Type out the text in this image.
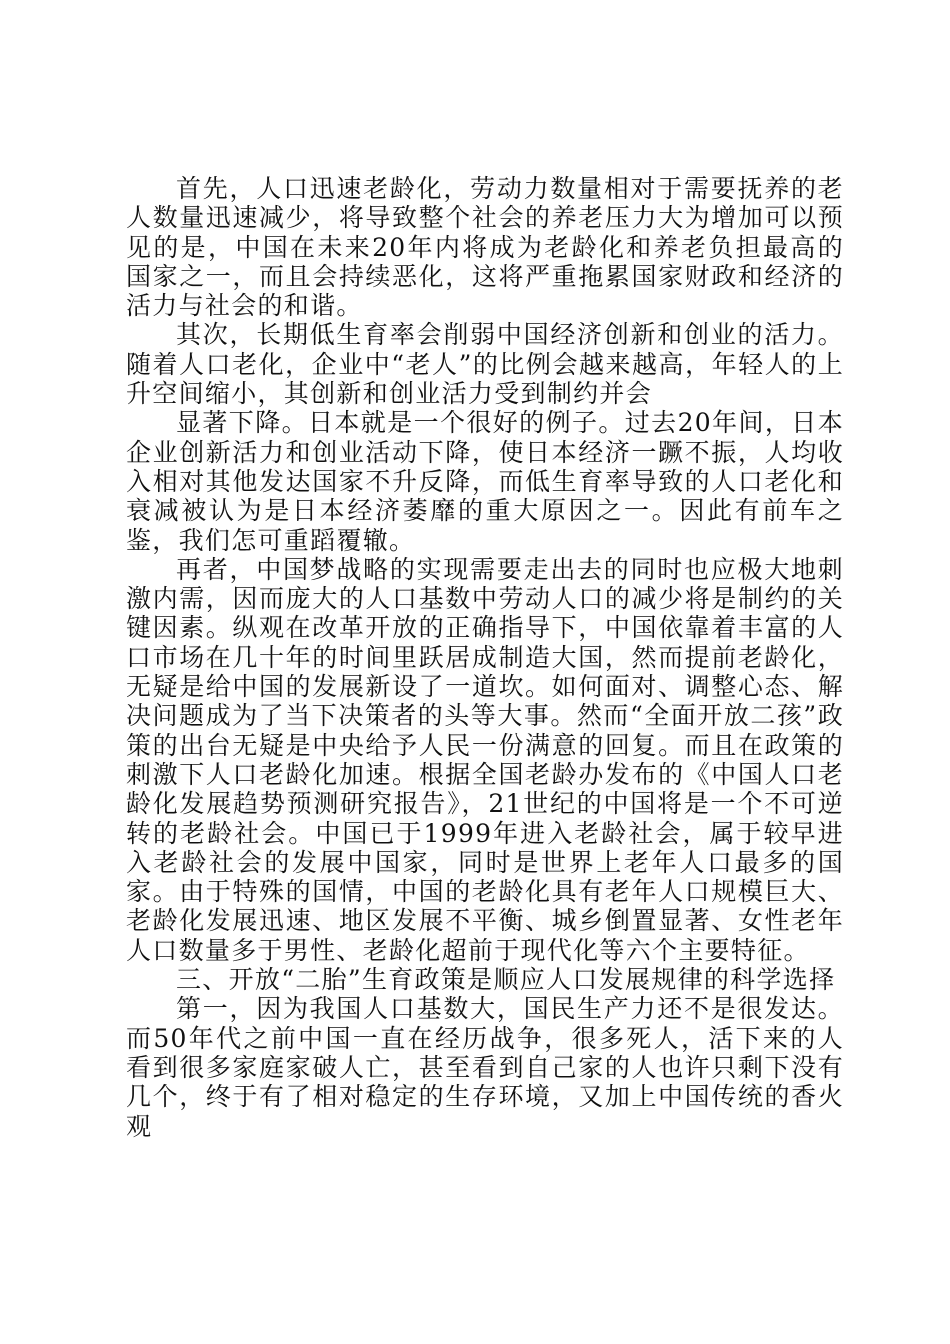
首先，人口迅速老龄化，劳动力数量相对于需要抚养的老人数量迅速减少，将导致整个社会的养老压力大为增加可以预见的是，中国在未来20年内将成为老龄化和养老负担最高的国家之一，而且会持续恶化，这将严重拖累国家财政和经济的活力与社会的和谐。

其次，长期低生育率会削弱中国经济创新和创业的活力。随着人口老化，企业中“老人”的比例会越来越高，年轻人的上升空间缩小，其创新和创业活力受到制约并会

显著下降。日本就是一个很好的例子。过去20年间，日本企业创新活力和创业活动下降，使日本经济一蹶不振，人均收入相对其他发达国家不升反降，而低生育率导致的人口老化和衰减被认为是日本经济萎靡的重大原因之一。因此有前车之鉴，我们怎可重蹈覆辙。

再者，中国梦战略的实现需要走出去的同时也应极大地刺激内需，因而庞大的人口基数中劳动人口的减少将是制约的关键因素。纵观在改革开放的正确指导下，中国依靠着丰富的人口市场在几十年的时间里跃居成制造大国，然而提前老龄化，无疑是给中国的发展新设了一道坎。如何面对、调整心态、解决问题成为了当下决策者的头等大事。然而“全面开放二孩”政策的出台无疑是中央给予人民一份满意的回复。而且在政策的刺激下人口老龄化加速。根据全国老龄办发布的《中国人口老龄化发展趋势预测研究报告》，21世纪的中国将是一个不可逆转的老龄社会。中国已于1999年进入老龄社会，属于较早进入老龄社会的发展中国家，同时是世界上老年人口最多的国家。由于特殊的国情，中国的老龄化具有老年人口规模巨大、老龄化发展迅速、地区发展不平衡、城乡倒置显著、女性老年人口数量多于男性、老龄化超前于现代化等六个主要特征。

三、开放“二胎”生育政策是顺应人口发展规律的科学选择

第一，因为我国人口基数大，国民生产力还不是很发达。而50年代之前中国一直在经历战争，很多死人，活下来的人看到很多家庭家破人亡，甚至看到自己家的人也许只剩下没有几个，终于有了相对稳定的生存环境，又加上中国传统的香火观
